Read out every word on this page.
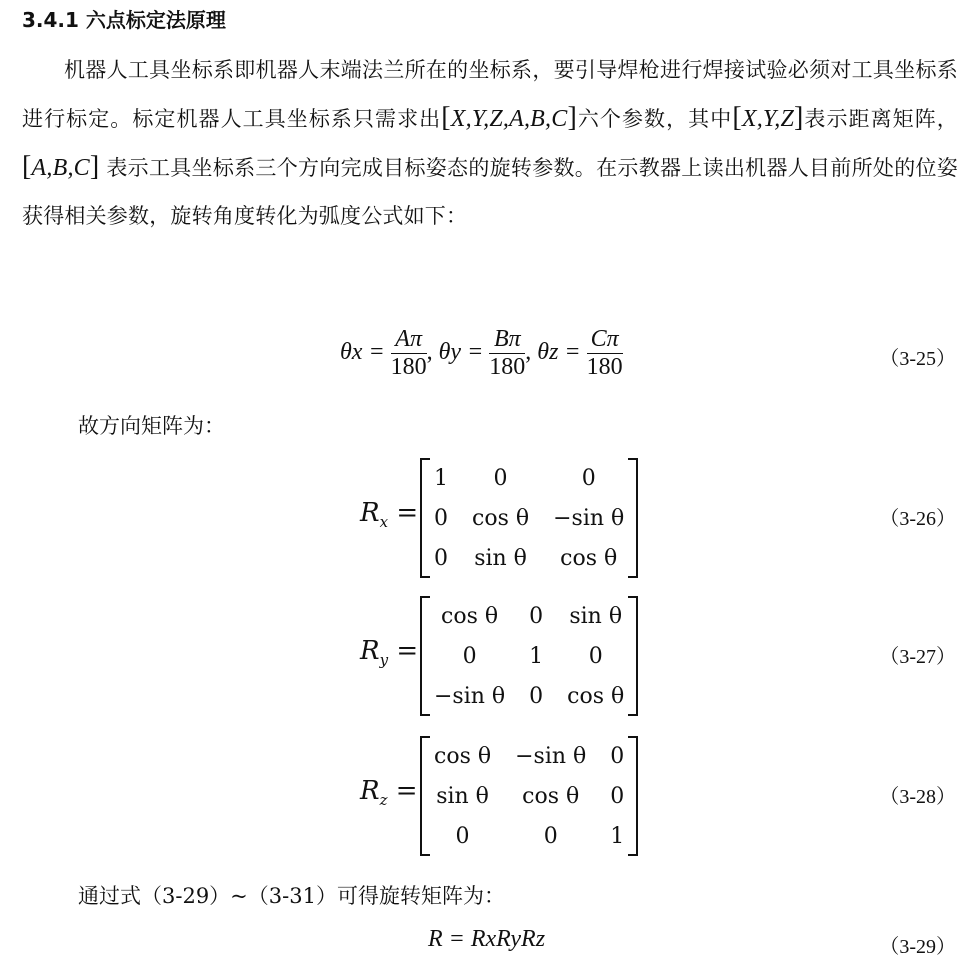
3.4.1 六点标定法原理
机器人工具坐标系即机器人末端法兰所在的坐标系，要引导焊枪进行焊接试验必须对工具坐标系进行标定。标定机器人工具坐标系只需求出[X,Y,Z,A,B,C]六个参数，其中[X,Y,Z]表示距离矩阵，[A,B,C] 表示工具坐标系三个方向完成目标姿态的旋转参数。在示教器上读出机器人目前所处的位姿获得相关参数，旋转角度转化为弧度公式如下：
$\theta x = \frac{A\pi}{180}$ , $\theta y = \frac{B\pi}{180}$ , $\theta z = \frac{C\pi}{180}$	（3-25）
故方向矩阵为：
$R_x$ =
1	0	0
0	cos θ	−sin θ
0	sin θ	cos θ
（3-26）
$R_y$ =
cos θ	0	sin θ
0	1	0
−sin θ	0	cos θ
（3-27）
$R_z$ =
cos θ	−sin θ	0
sin θ	cos θ	0
0	0	1
（3-28）
通过式（3-29）~（3-31）可得旋转矩阵为：
R = RxRyRz	（3-29）
